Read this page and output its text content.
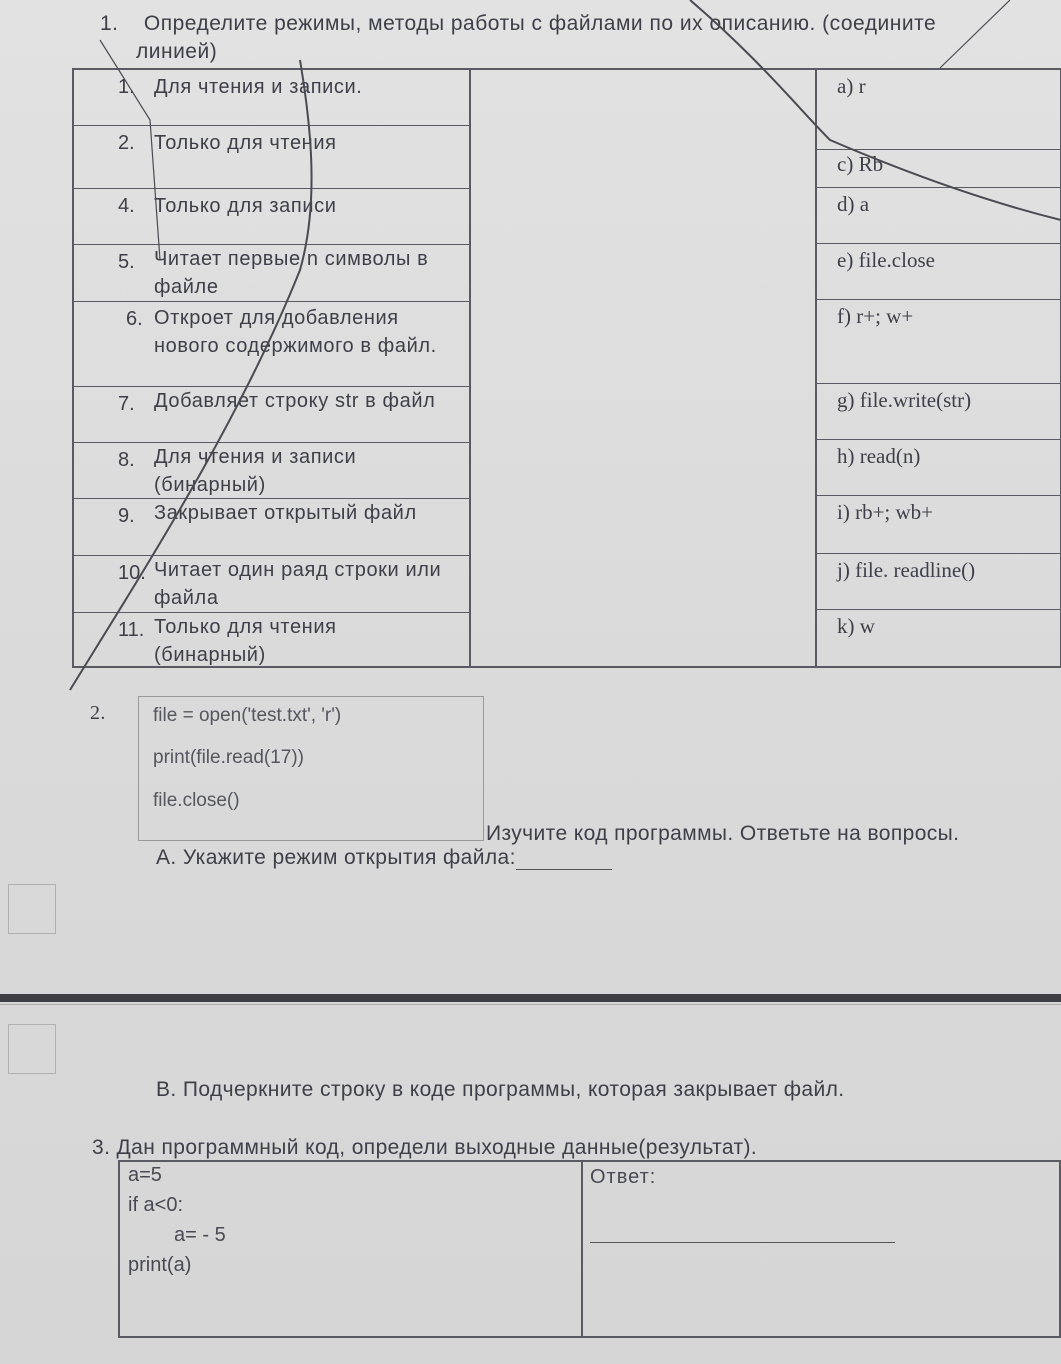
1. Определите режимы, методы работы с файлами по их описанию. (соедините
линией)
1. Для чтения и записи.
2. Только для чтения
4. Только для записи
5. Читает первые n символы в файле
6. Откроет для добавления нового содержимого в файл.
7. Добавляет строку str в файл
8. Для чтения и записи (бинарный)
9. Закрывает открытый файл
10. Читает один раяд строки или файла
11. Только для чтения (бинарный)
a) r
c) Rb
d) a
e) file.close
f) r+; w+
g) file.write(str)
h) read(n)
i) rb+; wb+
j) file. readline()
k) w
2. file = open('test.txt', 'r')
print(file.read(17))
file.close()
Изучите код программы. Ответьте на вопросы.
А. Укажите режим открытия файла:
В. Подчеркните строку в коде программы, которая закрывает файл.
3. Дан программный код, определи выходные данные(результат).
a=5
if a<0:
a= - 5
print(a)
Ответ:
